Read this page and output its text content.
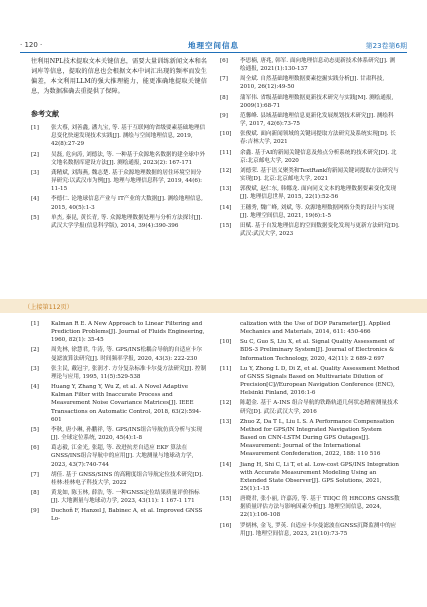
· 120 ·	地理空间信息	第23卷第6期

往利用NPL技术提取文本关键信息，需要大量训练新闻文本和名词库等信息，提取的信息也会根据文本中词汇出现的频率而发生偏差，本文利用LLM的强大推理能力，能更准确地提取关键信息，为数据准确去重提供了保障。

参考文献

[1]	张大蔡, 刘善鑫, 潘九宝, 等. 基于互联网的省级要素基础地理信息变化快速发现技术实践[J]. 测绘与空间地理信息, 2019, 42(8):27-29

[2]	吴磊, 危向涛, 刘德法, 等. 一种基于众源地名数据的建全球中外文地名数据库建设方法[J]. 测绘通报, 2023(2): 167-171

[3]	龚精斌, 刘海燕, 魏志楚. 基于众源地理数据的居住环境空间分异研究:以武汉市为例[J]. 地理与地理信息科学, 2019, 44(6): 11-15

[4]	李德仁. 论地球信息产业与 IT产业的大数据[J]. 测绘地理信息, 2015, 40(5):1-3

[5]	单杰, 秦昆, 黄长青, 等. 众源地理数据处理与分析方法探讨[J]. 武汉大学学报(信息科学版), 2014, 39(4):390-396

[6]	李思楠, 唐兆, 韩军. 面向地理信息动态更新技术体系研究[J]. 测绘通报, 2021(1):130-137

[7]	周全斌. 自然基础地理数据要素挖掘实践分析[J]. 甘肃科技, 2010, 26(12):49-50

[8]	蒲军伟. 省级基础地理数据更新技术研究与实践[M]. 测绘通报, 2009(1):68-71

[9]	范馨峰. 县域基础地理信息更新化发展规划技术研究[J]. 测绘科学, 2017, 42(6):73-75

[10]	张俊斌. 面向新闻领域的关键词提取方法研究及系统实现[D]. 长春:吉林大学, 2021

[11]	余鑫. 基于AI的新闻关键信息及热点分析系统的技术研究[D]. 北京:北京邮电大学, 2020

[12]	刘德荣. 基于语义聚类和TextRank的新闻关键词提取方法研究与实现[D]. 北京:北京邮电大学, 2021

[13]	郭俊斌, 赵仁东, 韩娜龙. 面向同义文本的地理数据要素变化发现[J]. 地理信息世界, 2015, 22(1):52-56

[14]	王穗秀, 魏广峰, 刘斌, 等. 众源地理数据网格分类的设计与实现[J]. 地理空间信息, 2021, 19(6):1-5

[15]	田赋. 基于自发地理信息的空间数据变化发现与更新方法研究[D]. 武汉:武汉大学, 2023

（上接第112页）

[1]	Kalman R E. A New Approach to Linear Filtering and Prediction Problems[J]. Journal of Fluids Engineering, 1960, 82(1): 35-45

[2]	周先林, 徐慧君, 牛涛, 等. GPS/INS松耦合导航的自适应卡尔曼滤波算法研究[J]. 时间频率学报, 2020, 43(3): 222-230

[3]	张主民, 戴冠宇, 张润才. 方分复杂标准卡尔曼方法研究[J]. 控制理论与应用, 1995, 11(5):529-538

[4]	Huang Y, Zhang Y, Wu Z, et al. A Novel Adaptive Kalman Filter with Inaccurate Process and Measurement Noise Covariance Matrices[J]. IEEE Transactions on Automatic Control, 2018, 63(2):594-601

[5]	李秋, 唐小琳, 孙鹏祥, 等. GPS/INS组合导航仿真分析与实现[J]. 全球定位系统, 2020, 45(4):1-8

[6]	葛志毅, 江金光, 张超, 等. 改进抗差自适应 EKF 算法在GNSS/INS组合导航中的应用[J]. 大地测量与地球动力学, 2023, 43(7):740-744

[7]	胡佳. 基于 GNSS/SINS 的高精度组合导航定位技术研究[D]. 桂林:桂林电子科技大学, 2022

[8]	黄龙如, 陈玉林, 薛浩, 等. 一种GNSS定位结果质量评价指标[J]. 大地测量与地球动力学, 2023, 43(11): 1 167-1 171

[9]	Duchoň F, Hanzel J, Babinec A, et al. Improved GNSS Lo-

calization with the Use of DOP Parameter[J]. Applied Mechanics and Materials, 2014, 611: 450-466

[10]	Su C, Guo S, Liu X, et al. Signal Quality Assessment of BDS-3 Preliminary System[J]. Journal of Electronics & Information Technology, 2020, 42(11): 2 689-2 697

[11]	Lu Y, Zhong L D, Di Z, et al. Quality Assessment Method of GNSS Signals Based on Multivariate Dilution of Precision[C]//European Navigation Conference (ENC), Helsinki Finland, 2016:1-6

[12]	陈超金. 基于 A-INS 组合导航的铁路轨道几何状态精密测量技术研究[D]. 武汉:武汉大学, 2016

[13]	Zhuo Z, Da T L, Liu L S. A Performance Compensation Method for GPS/IN Integrated Navigation System Based on CNN-LSTM During GPS Outages[J]. Measurement: Journal of the International Measurement Confederation, 2022, 188: 110 516

[14]	Jiang H, Shi C, Li T, et al. Low-cost GPS/INS Integration with Accurate Measurement Modeling Using an Extended State Observer[J]. GPS Solutions, 2021, 25(1):1-15

[15]	唐晓君, 张小丽, 许嘉涛, 等. 基于 TIIQC 的 HRCORS GNSS数据质量评估方法与影响因素分析[J]. 地理空间信息, 2024, 22(1):106-108

[16]	罗炳林, 金飞, 罗英. 自适应卡尔曼滤波在GNSS沉降监测中的应用[J]. 地理空间信息, 2023, 21(10):73-75
